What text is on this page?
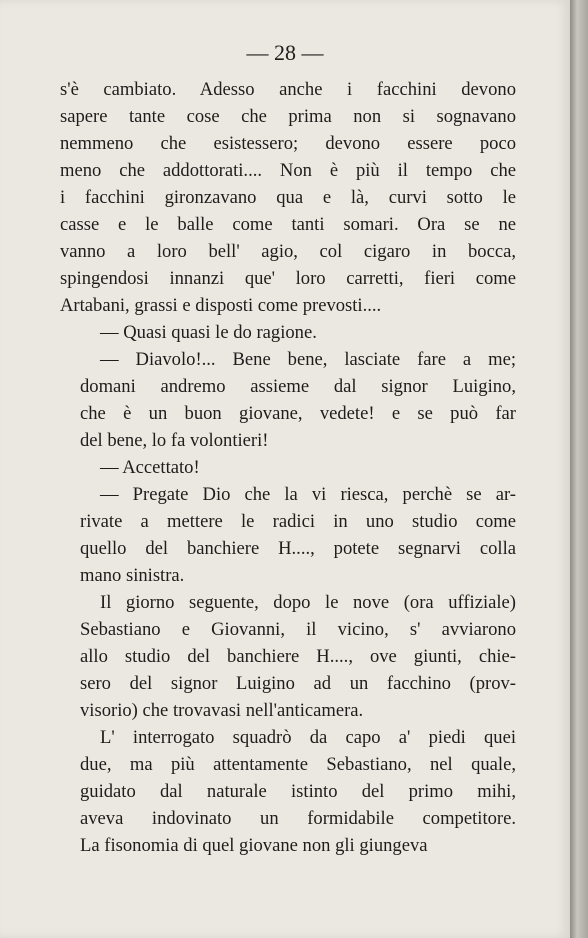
— 28 —

s'è cambiato. Adesso anche i facchini devono
sapere tante cose che prima non si sognavano
nemmeno che esistessero; devono essere poco
meno che addottorati.... Non è più il tempo che
i facchini gironzavano qua e là, curvi sotto le
casse e le balle come tanti somari. Ora se ne
vanno a loro bell' agio, col cigaro in bocca,
spingendosi innanzi que' loro carretti, fieri come
Artabani, grassi e disposti come prevosti....
— Quasi quasi le do ragione.
— Diavolo!... Bene bene, lasciate fare a me;
domani andremo assieme dal signor Luigino,
che è un buon giovane, vedete! e se può far
del bene, lo fa volontieri!
— Accettato!
— Pregate Dio che la vi riesca, perchè se ar-
rivate a mettere le radici in uno studio come
quello del banchiere H...., potete segnarvi colla
mano sinistra.
Il giorno seguente, dopo le nove (ora uffiziale)
Sebastiano e Giovanni, il vicino, s' avviarono
allo studio del banchiere H...., ove giunti, chie-
sero del signor Luigino ad un facchino (prov-
visorio) che trovavasi nell'anticamera.
L' interrogato squadrò da capo a' piedi quei
due, ma più attentamente Sebastiano, nel quale,
guidato dal naturale istinto del primo mihi,
aveva indovinato un formidabile competitore.
La fisonomia di quel giovane non gli giungeva
